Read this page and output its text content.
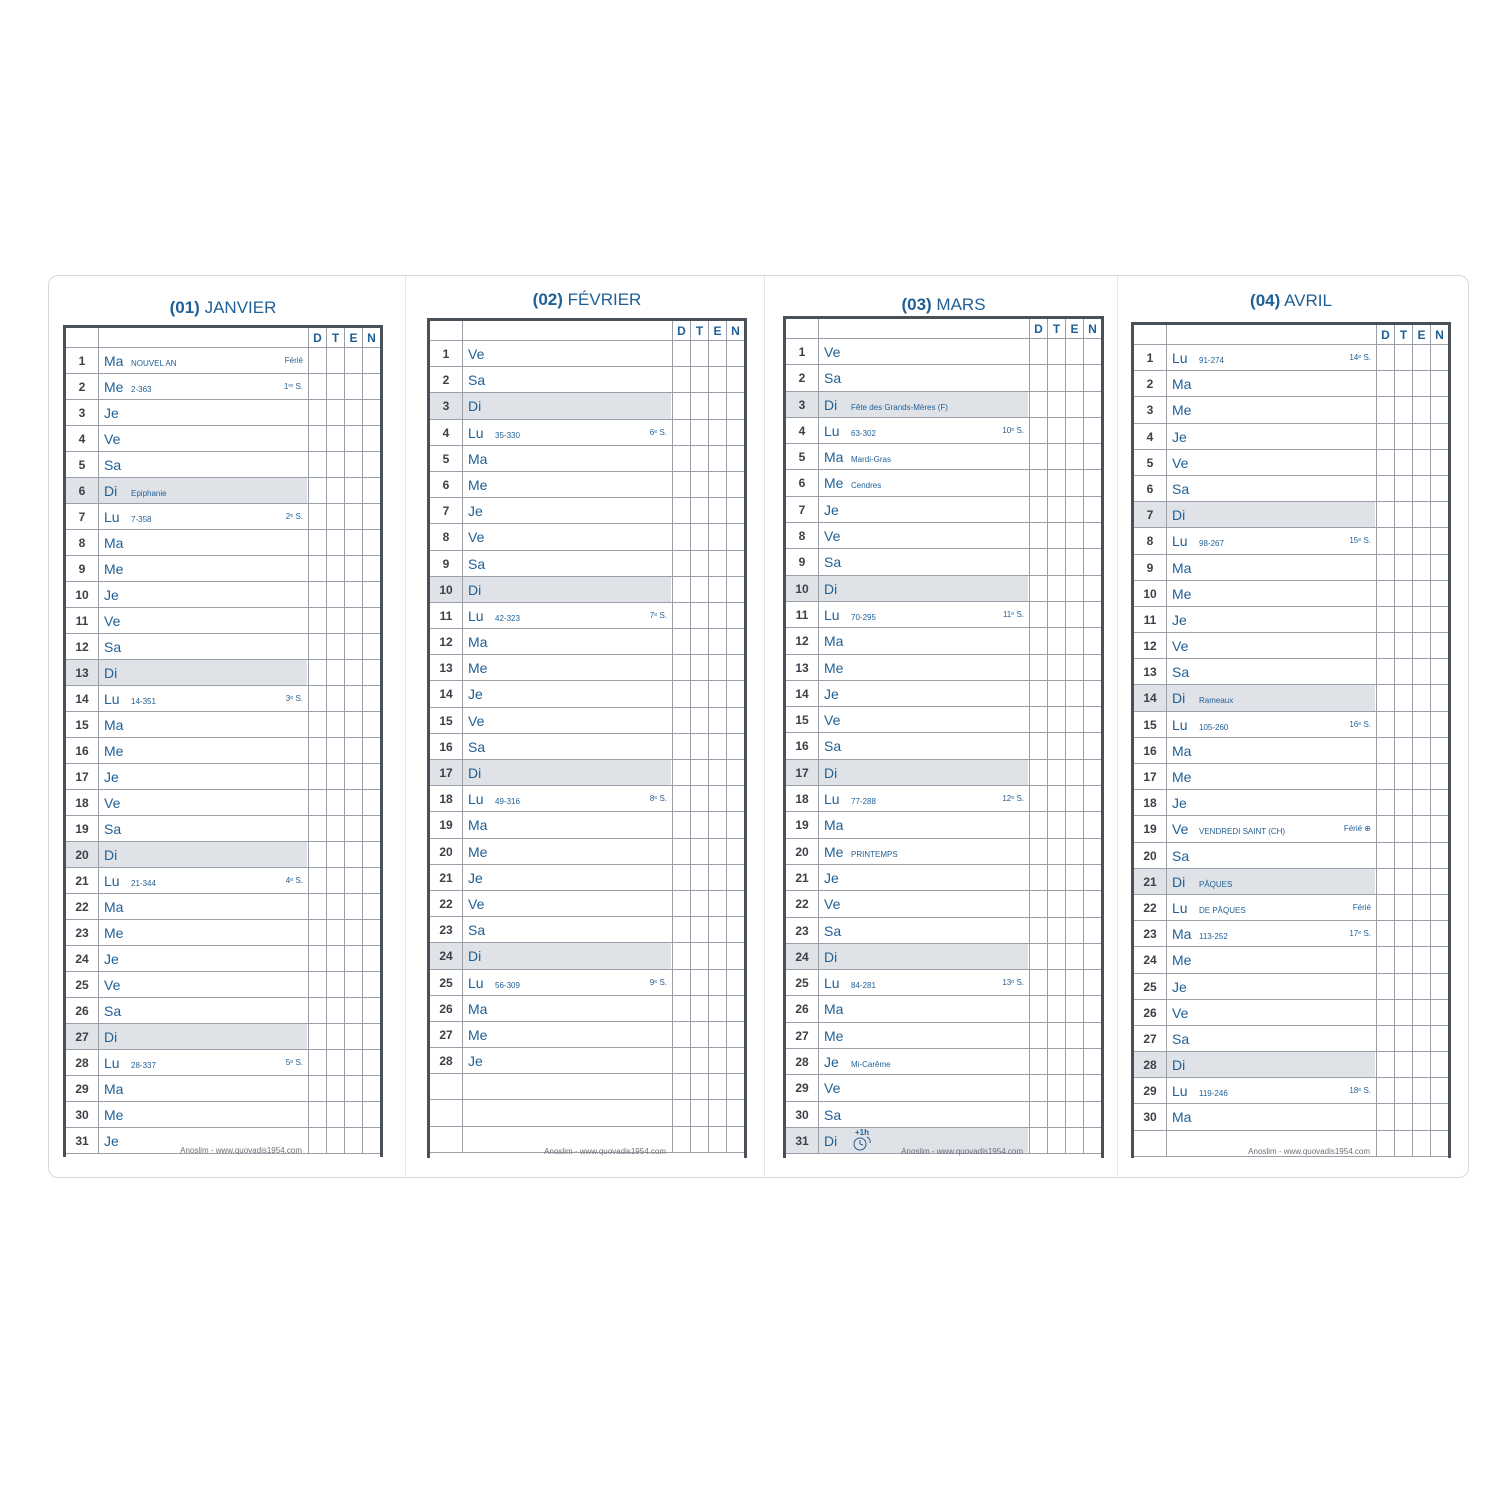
(01) JANVIER
D T E N
1	Ma NOUVEL AN	Férié
2	Me 2-363	1ʳᵉ S.
3	Je
4	Ve
5	Sa
6	Di Epiphanie
7	Lu 7-358	2ᵉ S.
8	Ma
9	Me
10	Je
11	Ve
12	Sa
13	Di
14	Lu 14-351	3ᵉ S.
15	Ma
16	Me
17	Je
18	Ve
19	Sa
20	Di
21	Lu 21-344	4ᵉ S.
22	Ma
23	Me
24	Je
25	Ve
26	Sa
27	Di
28	Lu 28-337	5ᵉ S.
29	Ma
30	Me
31	Je
Anoslim - www.quovadis1954.com
(02) FÉVRIER
D T E N
1	Ve
2	Sa
3	Di
4	Lu 35-330	6ᵉ S.
5	Ma
6	Me
7	Je
8	Ve
9	Sa
10	Di
11	Lu 42-323	7ᵉ S.
12	Ma
13	Me
14	Je
15	Ve
16	Sa
17	Di
18	Lu 49-316	8ᵉ S.
19	Ma
20	Me
21	Je
22	Ve
23	Sa
24	Di
25	Lu 56-309	9ᵉ S.
26	Ma
27	Me
28	Je
Anoslim - www.quovadis1954.com
(03) MARS
D T E N
1	Ve
2	Sa
3	Di Fête des Grands-Mères (F)
4	Lu 63-302	10ᵉ S.
5	Ma Mardi-Gras
6	Me Cendres
7	Je
8	Ve
9	Sa
10	Di
11	Lu 70-295	11ᵉ S.
12	Ma
13	Me
14	Je
15	Ve
16	Sa
17	Di
18	Lu 77-288	12ᵉ S.
19	Ma
20	Me PRINTEMPS
21	Je
22	Ve
23	Sa
24	Di
25	Lu 84-281	13ᵉ S.
26	Ma
27	Me
28	Je Mi-Carême
29	Ve
30	Sa
31	Di
+1h
Anoslim - www.quovadis1954.com
(04) AVRIL
D T E N
1	Lu 91-274	14ᵉ S.
2	Ma
3	Me
4	Je
5	Ve
6	Sa
7	Di
8	Lu 98-267	15ᵉ S.
9	Ma
10	Me
11	Je
12	Ve
13	Sa
14	Di Rameaux
15	Lu 105-260	16ᵉ S.
16	Ma
17	Me
18	Je
19	Ve VENDREDI SAINT (CH)	Férié ⊕
20	Sa
21	Di PÂQUES
22	Lu DE PÂQUES	Férié
23	Ma 113-252	17ᵉ S.
24	Me
25	Je
26	Ve
27	Sa
28	Di
29	Lu 119-246	18ᵉ S.
30	Ma
Anoslim - www.quovadis1954.com
